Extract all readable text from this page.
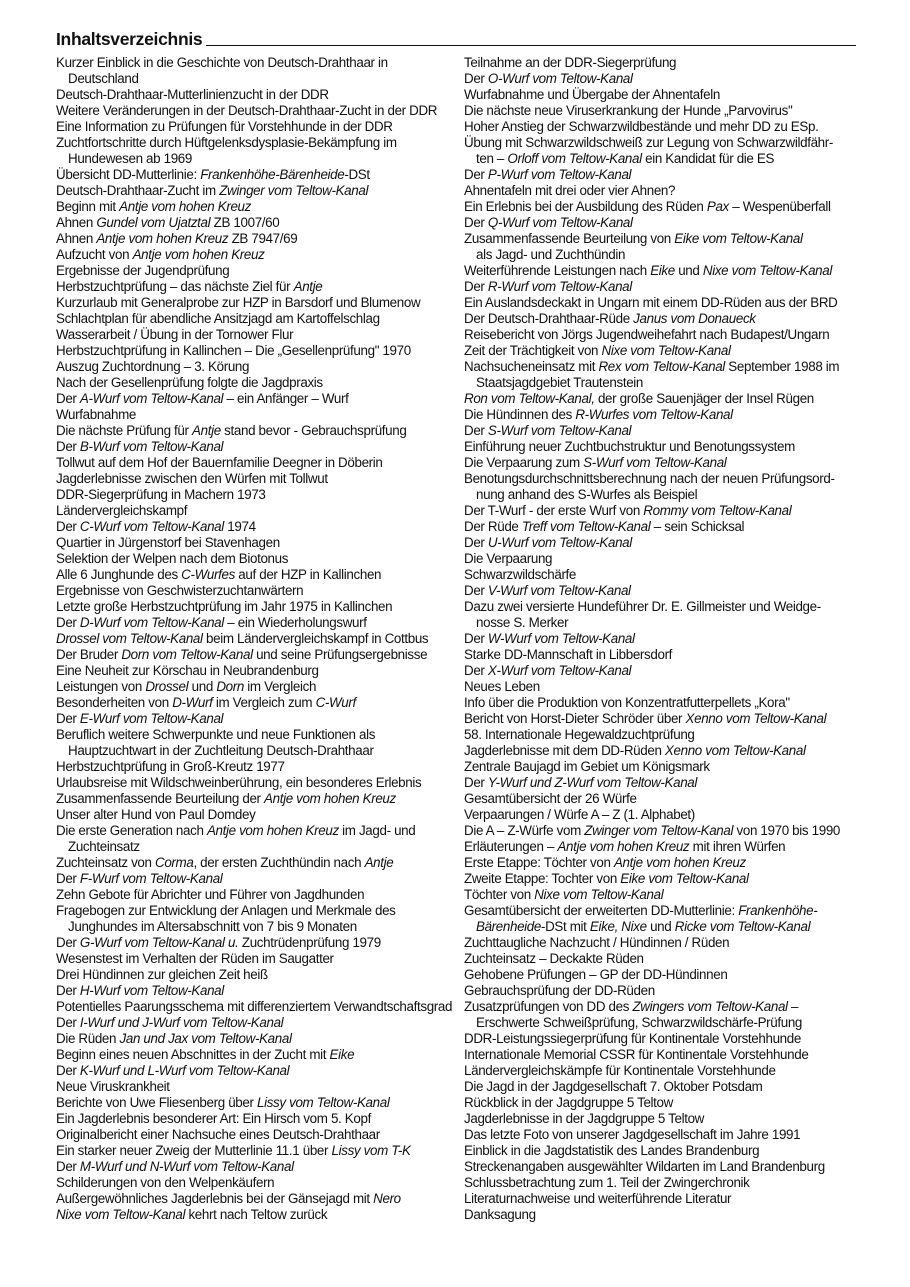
Inhaltsverzeichnis
Kurzer Einblick in die Geschichte von Deutsch-Drahthaar in
Deutschland
Deutsch-Drahthaar-Mutterlinienzucht in der DDR
Weitere Veränderungen in der Deutsch-Drahthaar-Zucht in der DDR
Eine Information zu Prüfungen für Vorstehhunde in der DDR
Zuchtfortschritte durch Hüftgelenksdysplasie-Bekämpfung im
Hundewesen ab 1969
Übersicht DD-Mutterlinie: Frankenhöhe-Bärenheide-DSt
Deutsch-Drahthaar-Zucht im Zwinger vom Teltow-Kanal
Beginn mit Antje vom hohen Kreuz
Ahnen Gundel vom Ujatztal ZB 1007/60
Ahnen Antje vom hohen Kreuz ZB 7947/69
Aufzucht von Antje vom hohen Kreuz
Ergebnisse der Jugendprüfung
Herbstzuchtprüfung – das nächste Ziel für Antje
Kurzurlaub mit Generalprobe zur HZP in Barsdorf und Blumenow
Schlachtplan für abendliche Ansitzjagd am Kartoffelschlag
Wasserarbeit / Übung in der Tornower Flur
Herbstzuchtprüfung in Kallinchen – Die „Gesellenprüfung" 1970
Auszug Zuchtordnung – 3. Körung
Nach der Gesellenprüfung folgte die Jagdpraxis
Der A-Wurf vom Teltow-Kanal – ein Anfänger – Wurf
Wurfabnahme
Die nächste Prüfung für Antje stand bevor - Gebrauchsprüfung
Der B-Wurf vom Teltow-Kanal
Tollwut auf dem Hof der Bauernfamilie Deegner in Döberin
Jagderlebnisse zwischen den Würfen mit Tollwut
DDR-Siegerprüfung in Machern 1973
Ländervergleichskampf
Der C-Wurf vom Teltow-Kanal 1974
Quartier in Jürgenstorf bei Stavenhagen
Selektion der Welpen nach dem Biotonus
Alle 6 Junghunde des C-Wurfes auf der HZP in Kallinchen
Ergebnisse von Geschwisterzuchtanwärtern
Letzte große Herbstzuchtprüfung im Jahr 1975 in Kallinchen
Der D-Wurf vom Teltow-Kanal – ein Wiederholungswurf
Drossel vom Teltow-Kanal beim Ländervergleichskampf in Cottbus
Der Bruder Dorn vom Teltow-Kanal und seine Prüfungsergebnisse
Eine Neuheit zur Körschau in Neubrandenburg
Leistungen von Drossel und Dorn im Vergleich
Besonderheiten von D-Wurf im Vergleich zum C-Wurf
Der E-Wurf vom Teltow-Kanal
Beruflich weitere Schwerpunkte und neue Funktionen als
Hauptzuchtwart in der Zuchtleitung Deutsch-Drahthaar
Herbstzuchtprüfung in Groß-Kreutz 1977
Urlaubsreise mit Wildschweinberührung, ein besonderes Erlebnis
Zusammenfassende Beurteilung der Antje vom hohen Kreuz
Unser alter Hund von Paul Domdey
Die erste Generation nach Antje vom hohen Kreuz im Jagd- und
Zuchteinsatz
Zuchteinsatz von Corma, der ersten Zuchthündin nach Antje
Der F-Wurf vom Teltow-Kanal
Zehn Gebote für Abrichter und Führer von Jagdhunden
Fragebogen zur Entwicklung der Anlagen und Merkmale des
Junghundes im Altersabschnitt von 7 bis 9 Monaten
Der G-Wurf vom Teltow-Kanal u. Zuchtrüdenprüfung 1979
Wesenstest im Verhalten der Rüden im Saugatter
Drei Hündinnen zur gleichen Zeit heiß
Der H-Wurf vom Teltow-Kanal
Potentielles Paarungsschema mit differenziertem Verwandtschaftsgrad
Der I-Wurf und J-Wurf vom Teltow-Kanal
Die Rüden Jan und Jax vom Teltow-Kanal
Beginn eines neuen Abschnittes in der Zucht mit Eike
Der K-Wurf und L-Wurf vom Teltow-Kanal
Neue Viruskrankheit
Berichte von Uwe Fliesenberg über Lissy vom Teltow-Kanal
Ein Jagderlebnis besonderer Art: Ein Hirsch vom 5. Kopf
Originalbericht einer Nachsuche eines Deutsch-Drahthaar
Ein starker neuer Zweig der Mutterlinie 11.1 über Lissy vom T-K
Der M-Wurf und N-Wurf vom Teltow-Kanal
Schilderungen von den Welpenkäufern
Außergewöhnliches Jagderlebnis bei der Gänsejagd mit Nero
Nixe vom Teltow-Kanal kehrt nach Teltow zurück
Teilnahme an der DDR-Siegerprüfung
Der O-Wurf vom Teltow-Kanal
Wurfabnahme und Übergabe der Ahnentafeln
Die nächste neue Viruserkrankung der Hunde „Parvovirus"
Hoher Anstieg der Schwarzwildbestände und mehr DD zu ESp.
Übung mit Schwarzwildschweiß zur Legung von Schwarzwildfähr-
ten – Orloff vom Teltow-Kanal ein Kandidat für die ES
Der P-Wurf vom Teltow-Kanal
Ahnentafeln mit drei oder vier Ahnen?
Ein Erlebnis bei der Ausbildung des Rüden Pax – Wespenüberfall
Der Q-Wurf vom Teltow-Kanal
Zusammenfassende Beurteilung von Eike vom Teltow-Kanal
als Jagd- und Zuchthündin
Weiterführende Leistungen nach Eike und Nixe vom Teltow-Kanal
Der R-Wurf vom Teltow-Kanal
Ein Auslandsdeckakt in Ungarn mit einem DD-Rüden aus der BRD
Der Deutsch-Drahthaar-Rüde Janus vom Donaueck
Reisebericht von Jörgs Jugendweihefahrt nach Budapest/Ungarn
Zeit der Trächtigkeit von Nixe vom Teltow-Kanal
Nachsucheneinsatz mit Rex vom Teltow-Kanal September 1988 im
Staatsjagdgebiet Trautenstein
Ron vom Teltow-Kanal, der große Sauenjäger der Insel Rügen
Die Hündinnen des R-Wurfes vom Teltow-Kanal
Der S-Wurf vom Teltow-Kanal
Einführung neuer Zuchtbuchstruktur und Benotungssystem
Die Verpaarung zum S-Wurf vom Teltow-Kanal
Benotungsdurchschnittsberechnung nach der neuen Prüfungsord-
nung anhand des S-Wurfes als Beispiel
Der T-Wurf - der erste Wurf von Rommy vom Teltow-Kanal
Der Rüde Treff vom Teltow-Kanal – sein Schicksal
Der U-Wurf vom Teltow-Kanal
Die Verpaarung
Schwarzwildschärfe
Der V-Wurf vom Teltow-Kanal
Dazu zwei versierte Hundeführer Dr. E. Gillmeister und Weidge-
nosse S. Merker
Der W-Wurf vom Teltow-Kanal
Starke DD-Mannschaft in Libbersdorf
Der X-Wurf vom Teltow-Kanal
Neues Leben
Info über die Produktion von Konzentratfutterpellets „Kora"
Bericht von Horst-Dieter Schröder über Xenno vom Teltow-Kanal
58. Internationale Hegewaldzuchtprüfung
Jagderlebnisse mit dem DD-Rüden Xenno vom Teltow-Kanal
Zentrale Baujagd im Gebiet um Königsmark
Der Y-Wurf und Z-Wurf vom Teltow-Kanal
Gesamtübersicht der 26 Würfe
Verpaarungen / Würfe A – Z (1. Alphabet)
Die A – Z-Würfe vom Zwinger vom Teltow-Kanal von 1970 bis 1990
Erläuterungen – Antje vom hohen Kreuz mit ihren Würfen
Erste Etappe: Töchter von Antje vom hohen Kreuz
Zweite Etappe: Tochter von Eike vom Teltow-Kanal
Töchter von Nixe vom Teltow-Kanal
Gesamtübersicht der erweiterten DD-Mutterlinie: Frankenhöhe-
Bärenheide-DSt mit Eike, Nixe und Ricke vom Teltow-Kanal
Zuchttaugliche Nachzucht / Hündinnen / Rüden
Zuchteinsatz – Deckakte Rüden
Gehobene Prüfungen – GP der DD-Hündinnen
Gebrauchsprüfung der DD-Rüden
Zusatzprüfungen von DD des Zwingers vom Teltow-Kanal –
Erschwerte Schweißprüfung, Schwarzwildschärfe-Prüfung
DDR-Leistungssiegerprüfung für Kontinentale Vorstehhunde
Internationale Memorial CSSR für Kontinentale Vorstehhunde
Ländervergleichskämpfe für Kontinentale Vorstehhunde
Die Jagd in der Jagdgesellschaft 7. Oktober Potsdam
Rückblick in der Jagdgruppe 5 Teltow
Jagderlebnisse in der Jagdgruppe 5 Teltow
Das letzte Foto von unserer Jagdgesellschaft im Jahre 1991
Einblick in die Jagdstatistik des Landes Brandenburg
Streckenangaben ausgewählter Wildarten im Land Brandenburg
Schlussbetrachtung zum 1. Teil der Zwingerchronik
Literaturnachweise und weiterführende Literatur
Danksagung
